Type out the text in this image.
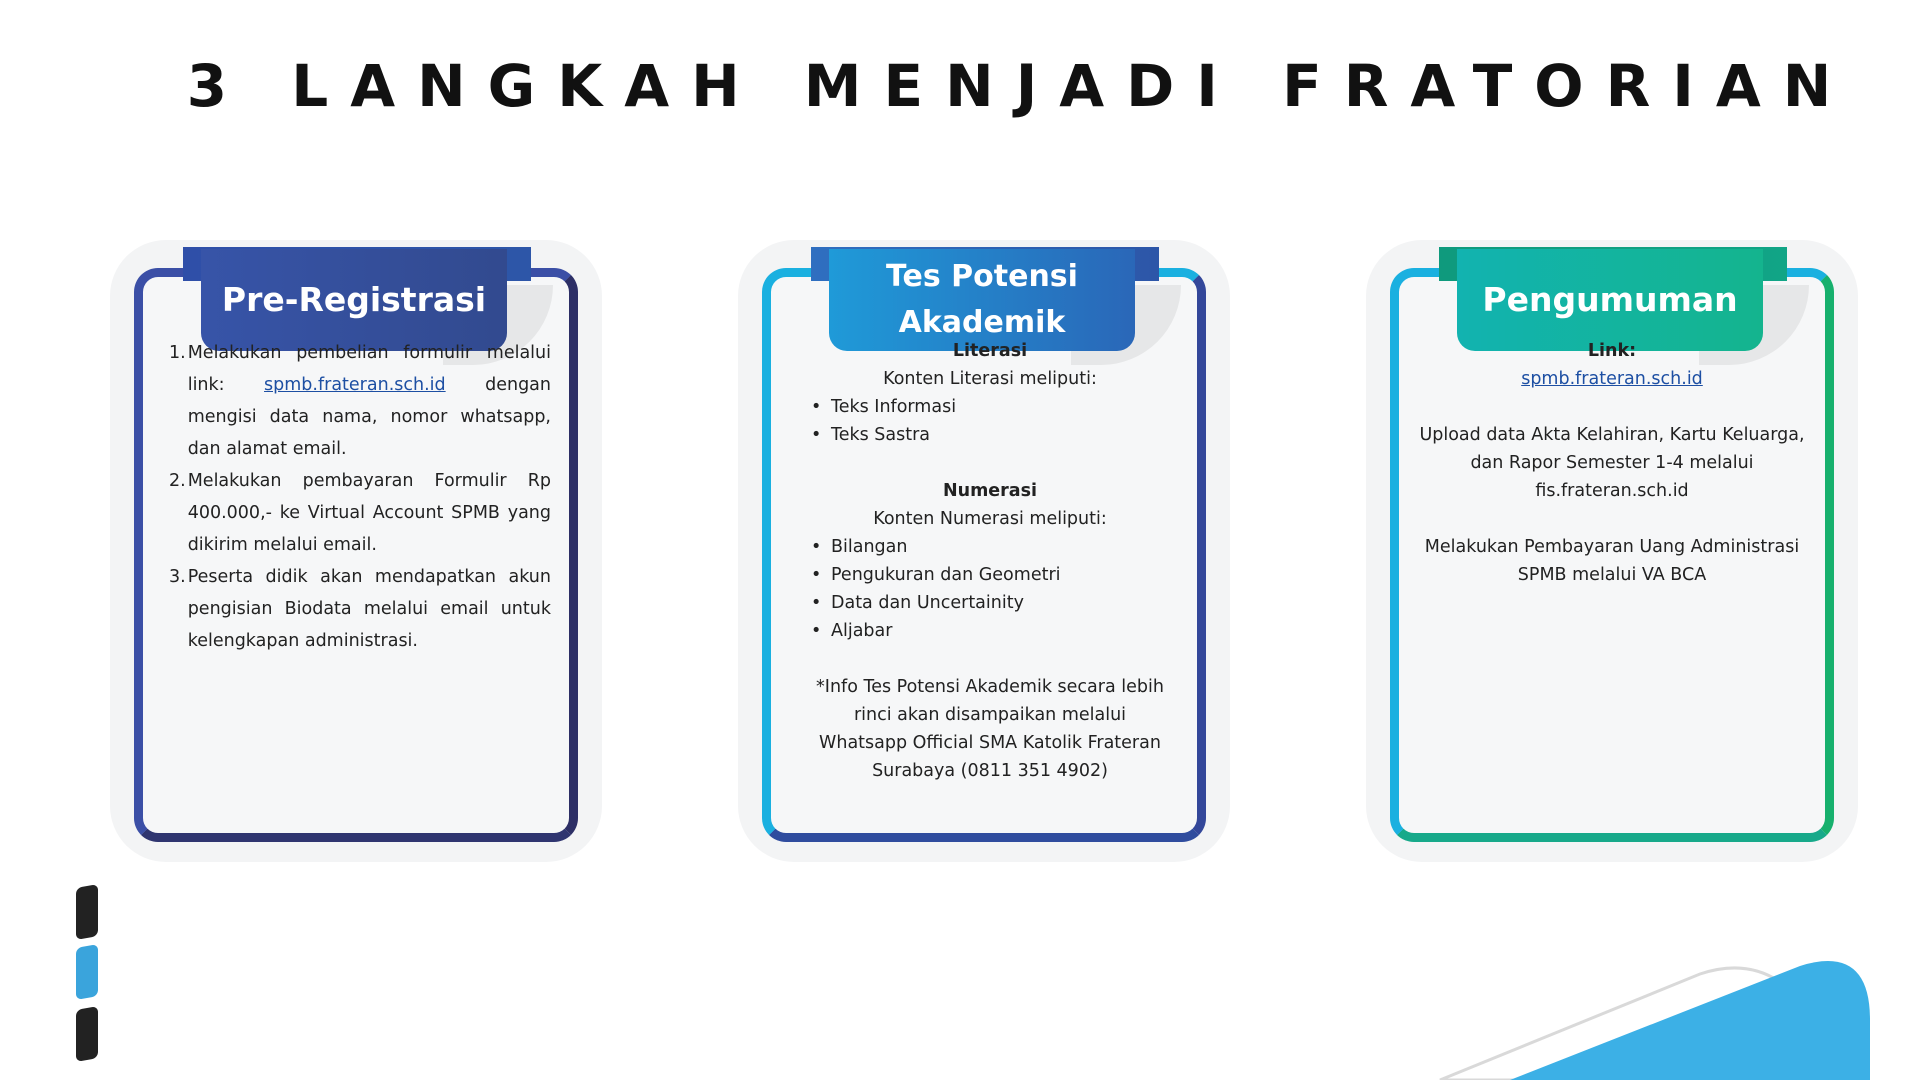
3 LANGKAH MENJADI FRATORIAN
Pre-Registrasi
1. Melakukan pembelian formulir melalui link: spmb.frateran.sch.id dengan mengisi data nama, nomor whatsapp, dan alamat email.
2. Melakukan pembayaran Formulir Rp 400.000,- ke Virtual Account SPMB yang dikirim melalui email.
3. Peserta didik akan mendapatkan akun pengisian Biodata melalui email untuk kelengkapan administrasi.
Tes Potensi
Akademik
Literasi
Konten Literasi meliputi:
• Teks Informasi
• Teks Sastra
Numerasi
Konten Numerasi meliputi:
• Bilangan
• Pengukuran dan Geometri
• Data dan Uncertainity
• Aljabar
*Info Tes Potensi Akademik secara lebih rinci akan disampaikan melalui Whatsapp Official SMA Katolik Frateran Surabaya (0811 351 4902)
Pengumuman
Link:
spmb.frateran.sch.id
Upload data Akta Kelahiran, Kartu Keluarga, dan Rapor Semester 1-4 melalui fis.frateran.sch.id
Melakukan Pembayaran Uang Administrasi SPMB melalui VA BCA
